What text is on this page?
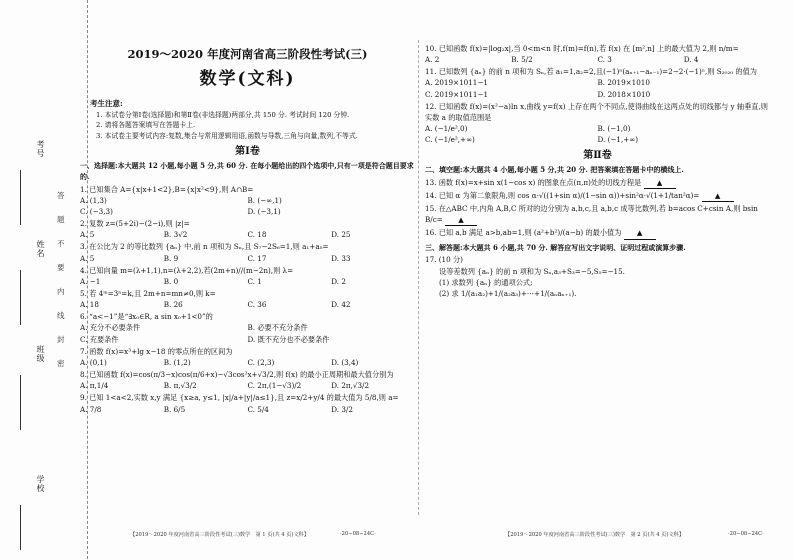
考号
姓名
班级
学校
答
题
不
要
内
线
封
密
2019～2020 年度河南省高三阶段性考试(三)
数学(文科)
考生注意:
1. 本试卷分第Ⅰ卷(选择题)和第Ⅱ卷(非选择题)两部分,共 150 分. 考试时间 120 分钟.
2. 请将各题答案填写在答题卡上.
3. 本试卷主要考试内容:复数,集合与常用逻辑用语,函数与导数,三角与向量,数列,不等式.
第Ⅰ卷
一、选择题:本大题共 12 小题,每小题 5 分,共 60 分. 在每小题给出的四个选项中,只有一项是符合题目要求的.
1. 已知集合 A={x|x+1<2},B={x|x²<9},则 A∩B=
A. (1,3)	B. (−∞,1)
C. (−3,3)	D. (−3,1)
2. 复数 z=(5+2i)−(2−i),则 |z|=
A. 5	B. 3√2	C. 18	D. 25
3. 在公比为 2 的等比数列 {aₙ} 中,前 n 项和为 Sₙ,且 S₇−2S₆=1,则 a₁+a₅=
A. 5	B. 9	C. 17	D. 33
4. 已知向量 m=(λ+1,1),n=(λ+2,2),若(2m+n)//(m−2n),则 λ=
A. −1	B. 0	C. 1	D. 2
5. 若 4ᵐ=3ⁿ=k,且 2m+n=mn≠0,则 k=
A. 18	B. 26	C. 36	D. 42
6. “a<−1”是“∃x₀∈R, a sin x₀+1<0”的
A. 充分不必要条件	B. 必要不充分条件
C. 充要条件	D. 既不充分也不必要条件
7. 函数 f(x)=x³+lg x−18 的零点所在的区间为
A. (0,1)	B. (1,2)	C. (2,3)	D. (3,4)
8. 已知函数 f(x)=cos(π/3−x)cos(π/6+x)−√3cos²x+√3/2,则 f(x) 的最小正周期和最大值分别为
A. π,1/4	B. π,√3/2	C. 2π,(1−√3)/2	D. 2π,√3/2
9. 已知 1<a<2,实数 x,y 满足 {x≥a, y≤1, |x|/a+|y|/a≤1},且 z=x/2+y/4 的最大值为 5/8,则 a=
A. 7/8	B. 6/5	C. 5/4	D. 3/2
10. 已知函数 f(x)=|log₂x|,当 0<m<n 时,f(m)=f(n),若 f(x) 在 [m²,n] 上的最大值为 2,则 n/m=
A. 2	B. 5/2	C. 3	D. 4
11. 已知数列 {aₙ} 的前 n 项和为 Sₙ,若 a₁=1,a₂=2,且(−1)ⁿ(aₙ₊₁−aₙ₋₁)=2−2·(−1)ⁿ,则 S₂₀₂₀ 的值为
A. 2019×1011−1	B. 2019×1010
C. 2019×1011−1	D. 2018×1010
12. 已知函数 f(x)=(x²−a)ln x,曲线 y=f(x) 上存在两个不同点,使得曲线在这两点处的切线都与 y 轴垂直,则实数 a 的取值范围是
A. (−1/e²,0)	B. (−1,0)
C. (−1/e²,+∞)	D. (−1,+∞)
第Ⅱ卷
二、填空题:本大题共 4 小题,每小题 5 分,共 20 分. 把答案填在答题卡中的横线上.
13. 函数 f(x)=x+sin x(1−cos x) 的图象在点(π,π)处的切线方程是 ▲
14. 已知 α 为第二象限角,则 cos α·√((1+sin α)/(1−sin α))+sin²α·√(1+1/tan²α)= ▲
15. 在△ABC 中,内角 A,B,C 所对的边分别为 a,b,c,且 a,b,c 成等比数列,若 b=acos C+csin A,则 bsin B/c= ▲
16. 已知 a,b 满足 a>b,ab=1,则 (a²+b²)/(a−b) 的最小值为 ▲
三、解答题:本大题共 6 小题,共 70 分. 解答应写出文字说明、证明过程或演算步骤.
17. (10 分)
设等差数列 {aₙ} 的前 n 项和为 Sₙ,a₃+S₃=−5,S₅=−15.
(1) 求数列 {aₙ} 的通项公式;
(2) 求 1/(a₁a₂)+1/(a₂a₃)+⋯+1/(aₙaₙ₊₁).
【2019～2020 年度河南省高三阶段性考试(三)数学　第 1 页(共 4 页)文科】	·20−08−24C·	【2019～2020 年度河南省高三阶段性考试(三)数学　第 2 页(共 4 页)文科】	·20−08−24C·
